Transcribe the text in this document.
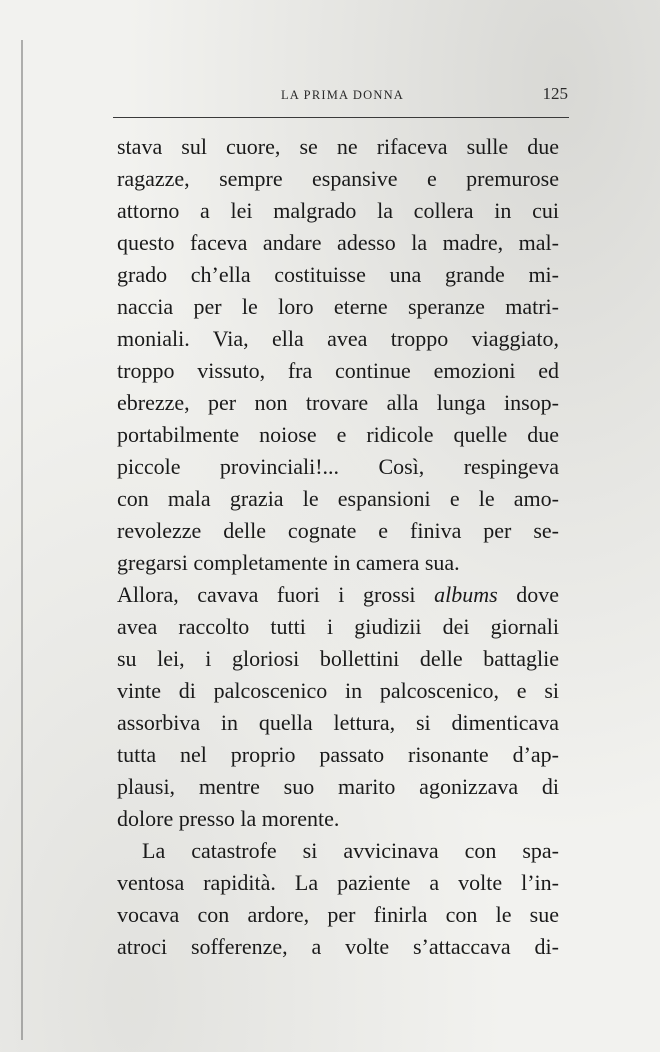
LA PRIMA DONNA	125
stava sul cuore, se ne rifaceva sulle due
ragazze, sempre espansive e premurose
attorno a lei malgrado la collera in cui
questo faceva andare adesso la madre, mal-
grado ch’ella costituisse una grande mi-
naccia per le loro eterne speranze matri-
moniali. Via, ella avea troppo viaggiato,
troppo vissuto, fra continue emozioni ed
ebrezze, per non trovare alla lunga insop-
portabilmente noiose e ridicole quelle due
piccole provinciali!... Così, respingeva
con mala grazia le espansioni e le amo-
revolezze delle cognate e finiva per se-
gregarsi completamente in camera sua.
Allora, cavava fuori i grossi albums dove
avea raccolto tutti i giudizii dei giornali
su lei, i gloriosi bollettini delle battaglie
vinte di palcoscenico in palcoscenico, e si
assorbiva in quella lettura, si dimenticava
tutta nel proprio passato risonante d’ap-
plausi, mentre suo marito agonizzava di
dolore presso la morente.
La catastrofe si avvicinava con spa-
ventosa rapidità. La paziente a volte l’in-
vocava con ardore, per finirla con le sue
atroci sofferenze, a volte s’attaccava di-
